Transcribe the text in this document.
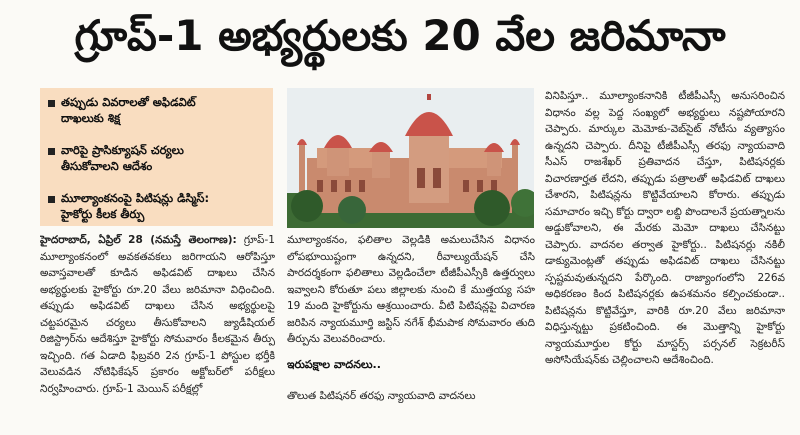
గ్రూప్-1 అభ్యర్థులకు 20 వేల జరిమానా
తప్పుడు వివరాలతో అఫిడవిట్
దాఖలుకు శిక్ష
వారిపై ప్రాసిక్యూషన్ చర్యలు
తీసుకోవాలని ఆదేశం
మూల్యాంకనంపై పిటిషన్లు డిస్మిస్:
హైకోర్టు కీలక తీర్పు
హైదరాబాద్, ఏప్రిల్ 28 (నమస్తే తెలంగాణ): గ్రూప్-1 మూల్యాంకనంలో అవకతవకలు జరిగాయని ఆరోపిస్తూ అవాస్తవాలతో కూడిన అఫిడవిట్ దాఖలు చేసిన అభ్యర్థులకు హైకోర్టు రూ.20 వేలు జరిమానా విధించింది. తప్పుడు అఫిడవిట్ దాఖలు చేసిన అభ్యర్థులపై చట్టపరమైన చర్యలు తీసుకోవాలని జ్యుడీషియల్ రిజిస్ట్రార్‌ను ఆదేశిస్తూ హైకోర్టు సోమవారం కీలకమైన తీర్పు ఇచ్చింది. గత ఏడాది ఫిబ్రవరి 2న గ్రూప్-1 పోస్టుల భర్తీకి వెలువడిన నోటిఫికేషన్ ప్రకారం అక్టోబర్‌లో పరీక్షలు నిర్వహించారు. గ్రూప్-1 మెయిన్ పరీక్షల్లో
మూల్యాంకనం, ఫలితాల వెల్లడికి అమలుచేసిన విధానం లోపభూయిష్టంగా ఉన్నదని, రీవాల్యుయేషన్ చేసి పారదర్శకంగా ఫలితాలు వెల్లడించేలా టీజీపీఎస్సీకి ఉత్తర్వులు ఇవ్వాలని కోరుతూ పలు జిల్లాలకు నుంచి కే ముత్తయ్య సహ 19 మంది హైకోర్టును ఆశ్రయించారు. వీటి పిటిషన్లపై విచారణ జరిపిన న్యాయమూర్తి జస్టిస్ నగేశ్ భీమపాక సోమవారం తుది తీర్పును వెలువరించారు.
ఇరుపక్షాల వాదనలు..
తొలుత పిటిషనర్ తరఫు న్యాయవాది వాదనలు
వినిపిస్తూ.. మూల్యాంకనానికి టీజీపీఎస్సీ అనుసరించిన విధానం వల్ల పెద్ద సంఖ్యలో అభ్యర్థులు నష్టపోయారని చెప్పారు. మార్కుల మెమోకు-వెబ్‌సైట్ నోటీసు వ్యత్యాసం ఉన్నదని చెప్పారు. దీనిపై టీజీపీఎస్సీ తరఫు న్యాయవాది సీఎస్ రాజశేఖర్ ప్రతివాదన చేస్తూ, పిటిషనర్లకు విచారణార్హత లేదని, తప్పుడు పత్రాలతో అఫిడవిట్ దాఖలు చేశారని, పిటిషన్లను కొట్టివేయాలని కోరారు. తప్పుడు సమాచారం ఇచ్చి కోర్టు ద్వారా లబ్ధి పొందాలనే ప్రయత్నాలను అడ్డుకోవాలని, ఈ మేరకు మెమో దాఖలు చేసినట్టు చెప్పారు. వాదనల తర్వాత హైకోర్టు.. పిటిషనర్లు నకిలీ డాక్యుమెంట్లతో తప్పుడు అఫిడవిట్ దాఖలు చేసినట్టు స్పష్టమవుతున్నదని పేర్కొంది. రాజ్యాంగంలోని 226వ అధికరణం కింద పిటిషనర్లకు ఉపశమనం కల్పించకుండా.. పిటిషన్లను కొట్టివేస్తూ, వారికి రూ.20 వేలు జరిమానా విధిస్తున్నట్టు ప్రకటించింది. ఈ మొత్తాన్ని హైకోర్టు న్యాయమూర్తుల కోర్టు మాస్టర్స్ పర్సనల్ సెక్రటరీస్ అసోసియేషన్‌కు చెల్లించాలని ఆదేశించింది.
